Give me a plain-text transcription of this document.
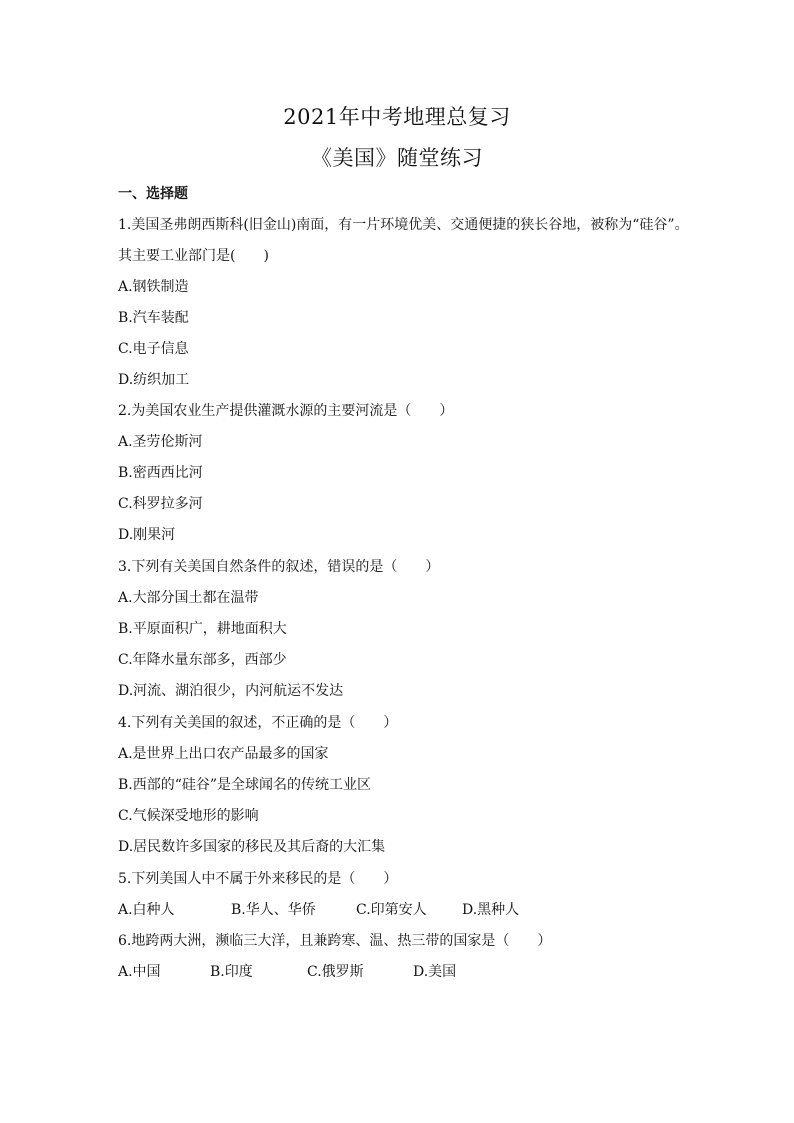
2021年中考地理总复习
《美国》随堂练习

一、选择题

1.美国圣弗朗西斯科(旧金山)南面，有一片环境优美、交通便捷的狭长谷地，被称为“硅谷”。

其主要工业部门是(　　)

A.钢铁制造

B.汽车装配

C.电子信息

D.纺织加工

2.为美国农业生产提供灌溉水源的主要河流是（　　）

A.圣劳伦斯河

B.密西西比河

C.科罗拉多河

D.刚果河

3.下列有关美国自然条件的叙述，错误的是（　　）

A.大部分国土都在温带

B.平原面积广，耕地面积大

C.年降水量东部多，西部少

D.河流、湖泊很少，内河航运不发达

4.下列有关美国的叙述，不正确的是（　　）

A.是世界上出口农产品最多的国家

B.西部的“硅谷”是全球闻名的传统工业区

C.气候深受地形的影响

D.居民数许多国家的移民及其后裔的大汇集

5.下列美国人中不属于外来移民的是（　　）

A.白种人	B.华人、华侨	C.印第安人	D.黑种人

6.地跨两大洲，濒临三大洋，且兼跨寒、温、热三带的国家是（　　）

A.中国	B.印度	C.俄罗斯	D.美国
